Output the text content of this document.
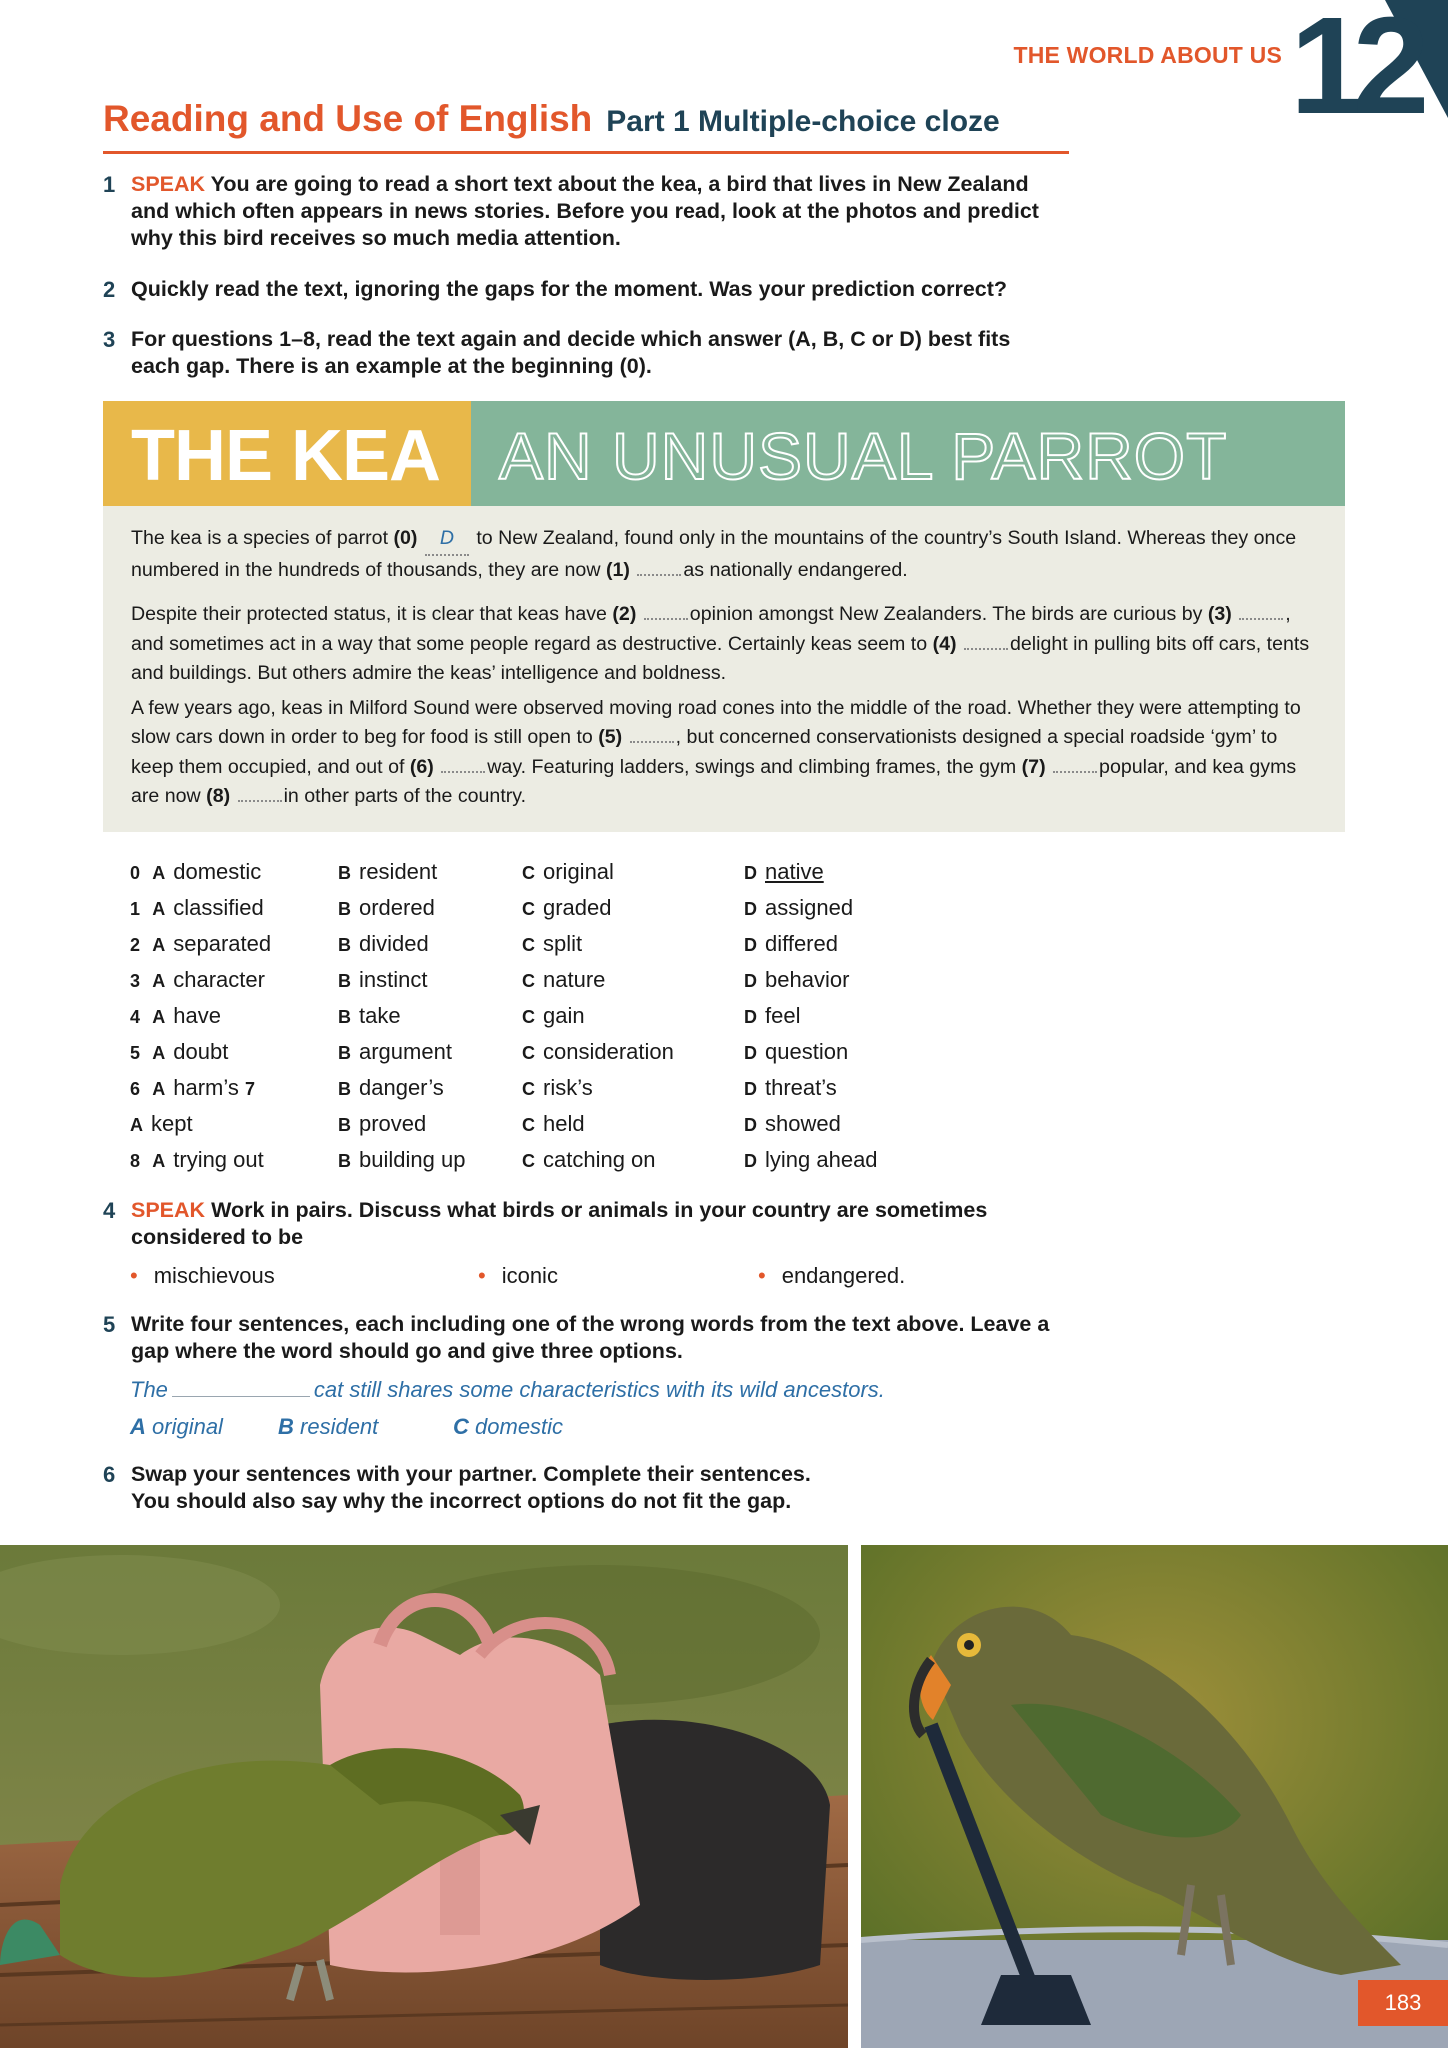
THE WORLD ABOUT US 12
Reading and Use of English Part 1 Multiple-choice cloze
1 SPEAK You are going to read a short text about the kea, a bird that lives in New Zealand and which often appears in news stories. Before you read, look at the photos and predict why this bird receives so much media attention.
2 Quickly read the text, ignoring the gaps for the moment. Was your prediction correct?
3 For questions 1–8, read the text again and decide which answer (A, B, C or D) best fits each gap. There is an example at the beginning (0).
THE KEA AN UNUSUAL PARROT

The kea is a species of parrot (0) D to New Zealand, found only in the mountains of the country’s South Island. Whereas they once numbered in the hundreds of thousands, they are now (1)	as nationally endangered.

Despite their protected status, it is clear that keas have (2)	opinion amongst New Zealanders. The birds are curious by (3)	, and sometimes act in a way that some people regard as destructive. Certainly keas seem to (4)	delight in pulling bits off cars, tents and buildings. But others admire the keas’ intelligence and boldness.

A few years ago, keas in Milford Sound were observed moving road cones into the middle of the road. Whether they were attempting to slow cars down in order to beg for food is still open to (5)	, but concerned conservationists designed a special roadside ‘gym’ to keep them occupied, and out of (6)	way. Featuring ladders, swings and climbing frames, the gym (7)	popular, and kea gyms are now (8)	in other parts of the country.

0 A domestic	B resident	C original	D native
1 A classified	B ordered	C graded	D assigned
2 A separated	B divided	C split	D differed
3 A character	B instinct	C nature	D behavior
4 A have	B take	C gain	D feel
5 A doubt	B argument	C consideration	D question
6 A harm’s 7	B danger’s	C risk’s	D threat’s
A kept	B proved	C held	D showed
8 A trying out	B building up	C catching on	D lying ahead
4 SPEAK Work in pairs. Discuss what birds or animals in your country are sometimes considered to be
• mischievous	• iconic	• endangered.
5 Write four sentences, each including one of the wrong words from the text above. Leave a gap where the word should go and give three options.
The	cat still shares some characteristics with its wild ancestors.
A original	B resident	C domestic
6 Swap your sentences with your partner. Complete their sentences.
You should also say why the incorrect options do not fit the gap.
183
